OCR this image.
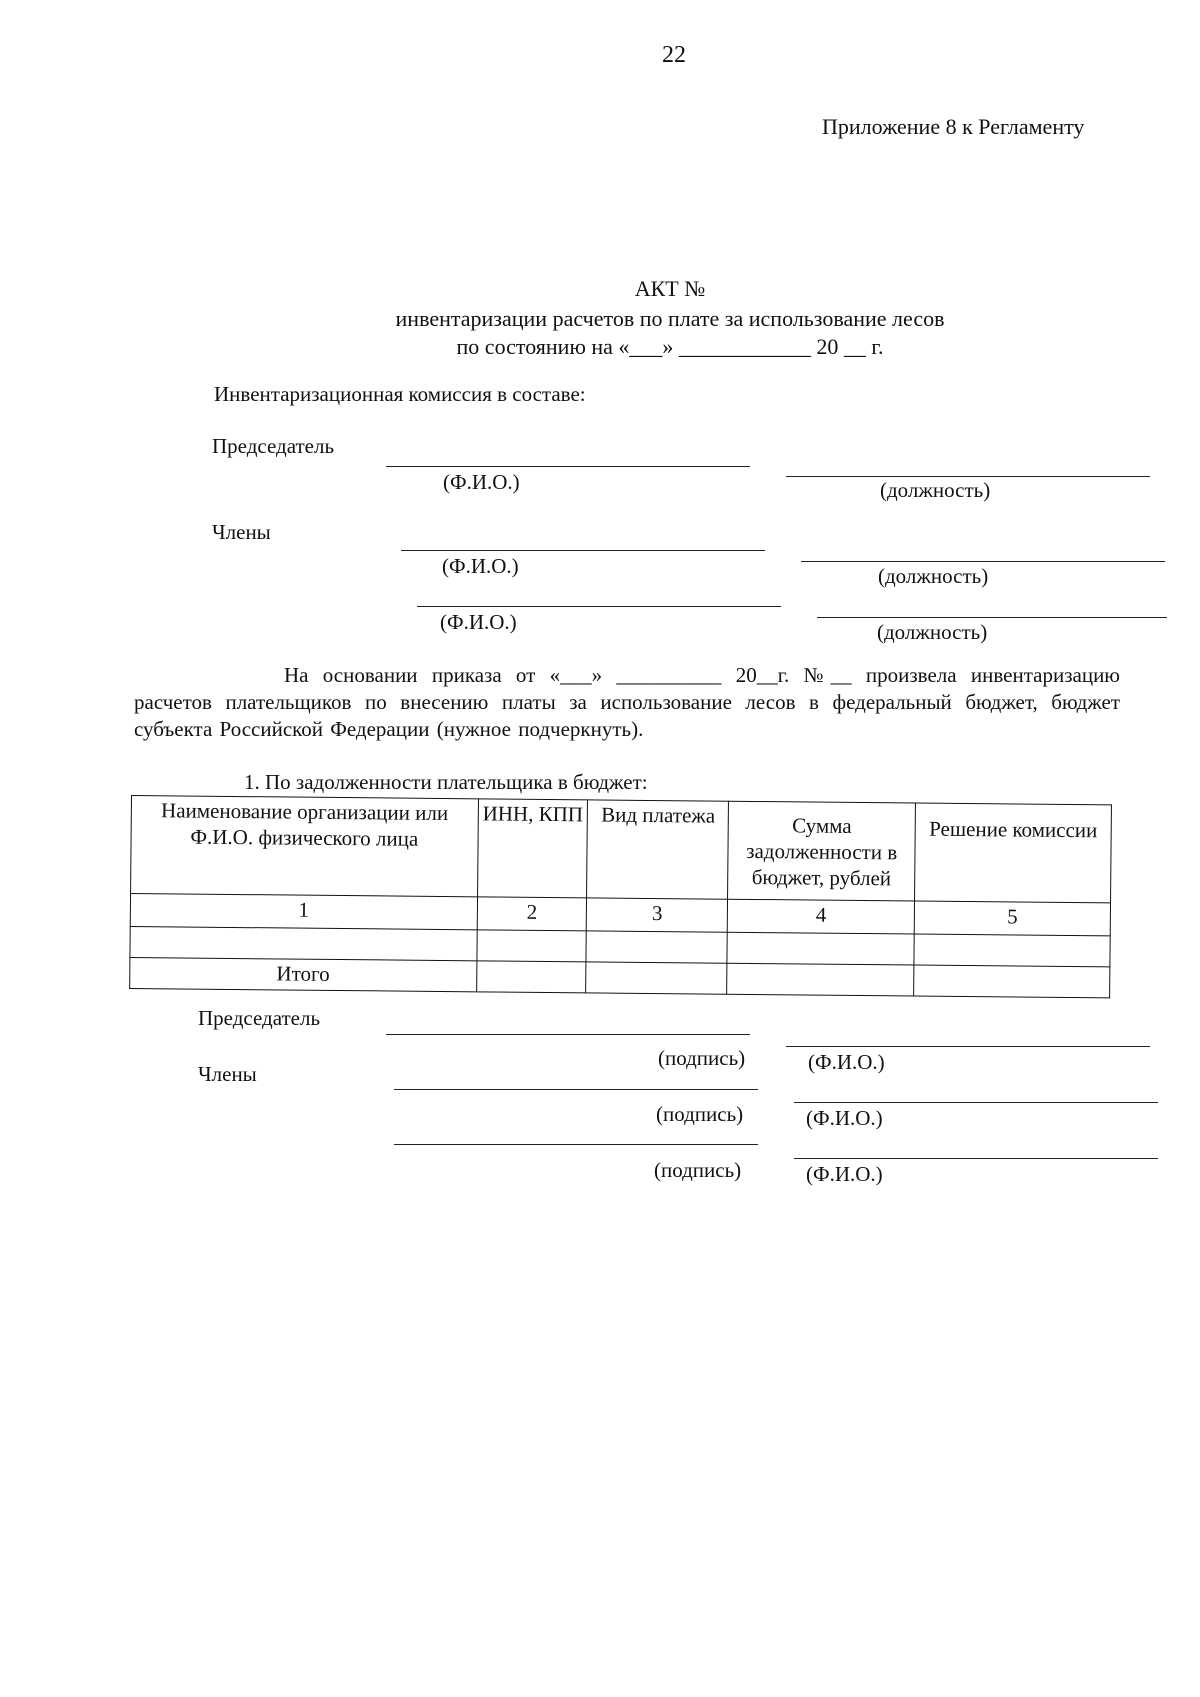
22
Приложение 8 к Регламенту
АКТ №
инвентаризации расчетов по плате за использование лесов
по состоянию на «___» ____________ 20 __ г.
Инвентаризационная комиссия в составе:
Председатель
(Ф.И.О.)	(должность)
Члены
(Ф.И.О.)	(должность)
(Ф.И.О.)	(должность)
На основании приказа от «___» __________ 20__г. №__ произвела инвентаризацию расчетов плательщиков по внесению платы за использование лесов в федеральный бюджет, бюджет субъекта Российской Федерации (нужное подчеркнуть).
1. По задолженности плательщика в бюджет:
Наименование организации или Ф.И.О. физического лица	ИНН, КПП	Вид платежа	Сумма задолженности в бюджет, рублей	Решение комиссии
1	2	3	4	5

Итого				
Председатель
(подпись)	(Ф.И.О.)
Члены
(подпись)	(Ф.И.О.)
(подпись)	(Ф.И.О.)
